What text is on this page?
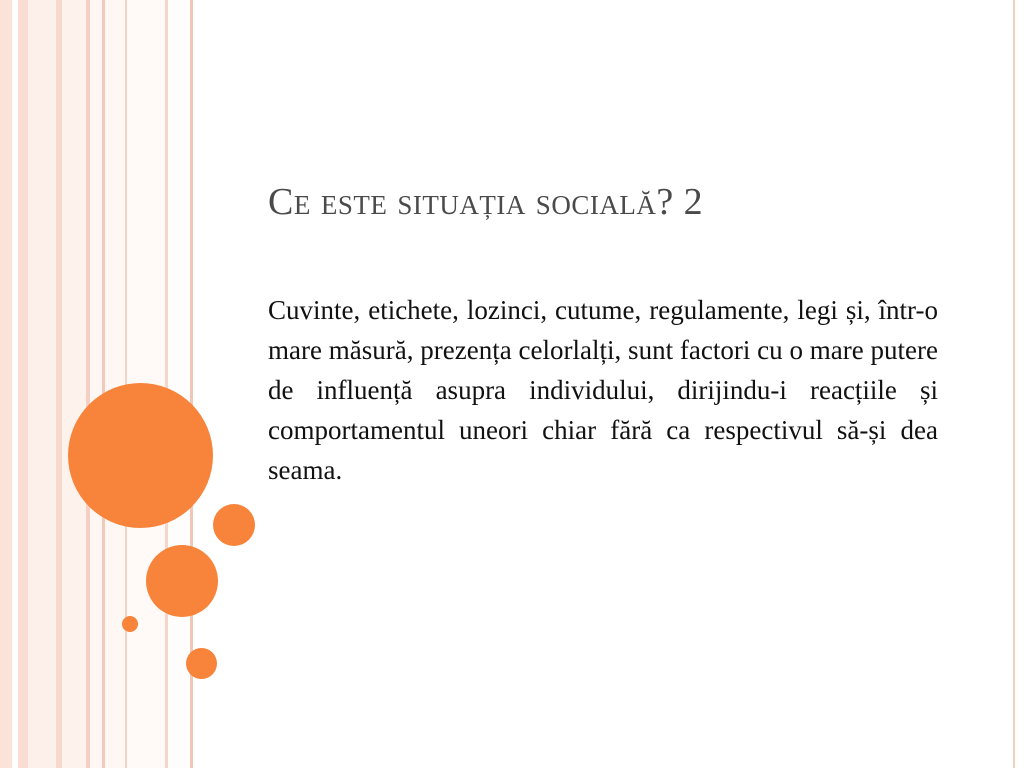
Ce este situația socială? 2

Cuvinte, etichete, lozinci, cutume, regulamente, legi și, într-o mare măsură, prezența celorlalți, sunt factori cu o mare putere de influență asupra individului, dirijindu-i reacțiile și comportamentul uneori chiar fără ca respectivul să-și dea seama.
